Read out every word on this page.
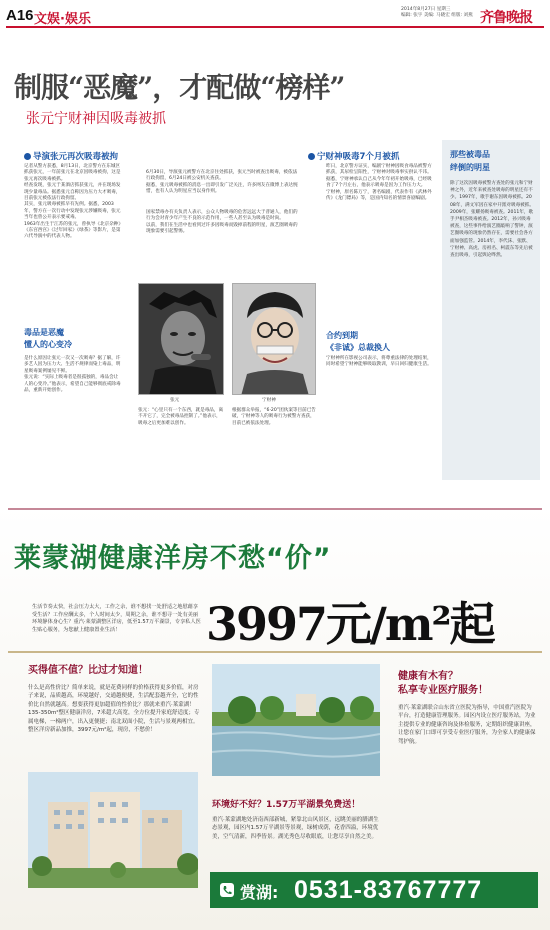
A16 文娱·娱乐
2014年8月27日 星期三
编辑: 张字 美编: 马晓宏 组版: 刘燕 齐鲁晚报
制服“恶魔”，才配做“榜样”
张元宁财神因吸毒被抓
导演张元再次吸毒被拘

记者从警方获悉，8月13日，北京警方在东城区抓获张元，一年前张元在北京因吸毒被拘，这是张元再次吸毒被抓。

经查发现，张元于某酒店抓获张元，并在现场发现少量毒品。据悉张元自称因为压力大才吸毒，目前张元被依法行政拘留。

其实，张元吸毒被抓早有先例。据悉，2003年，警方在一次行动中发现张元涉嫌吸毒，张元当年也曾公开表示要戒毒。

1963年出生于江苏的张元，曾执导《北京杂种》《东宫西宫》《过年回家》《绿茶》等影片，是第六代导演中的代表人物。

毒品是恶魔
懂人的心变冷

是什么原因让张元一次又一次吸毒？据了解，许多艺人因为压力大、生活不规律而染上毒品，明星吸毒案例屡见不鲜。

张元说：“实际上吸毒者是很孤独的，毒品会让人的心变冷。”他表示，希望自己能够彻底戒除毒品，重新开始创作。

6月30日，导演张元被警方在北京住处抓获，张元当时被查出吸毒，被依法行政拘留，6月24日被公安机关查获。

据悉，张元吸毒被抓的消息一出即引发广泛关注，许多网友在微博上表达惋惜，也有人认为明星应当以身作则。

国家禁毒办有关负责人表示，公众人物吸毒的危害远远大于普通人，他们的行为会对青少年产生不良的示范作用，一些人甚至认为吸毒是时尚。

以前，我们在生活中也看到过许多因吸毒而毁掉前程的明星，演艺圈吸毒的现象需要引起警惕。

张元	宁财神

张元：“心里只有一个东西，就是毒品，离不开它了，完全被毒品控制了。”他表示，吸毒之后更加难以创作。

根据群众举报，“6·20”团伙案等目前已告破，宁财神等人的吸毒行为被警方查获，目前已被依法处理。

宁财神吸毒7个月被抓

昨日，北京警方证实，编剧宁财神因吸食毒品被警方抓获，其尿检呈阳性，宁财神对吸毒事实供认不讳。

据悉，宁财神承认自己从今年年初开始吸毒，已经吸食了7个月左右，他表示吸毒是因为工作压力大。

宁财神，原名陈万宁，著名编剧，代表作有《武林外传》《龙门镖局》等，是国内知名的情景喜剧编剧。

合约到期
《非诚》总裁换人

宁财神所在影视公司表示，将尊重法律的处理结果，同时希望宁财神能够吸取教训，早日回归健康生活。

那些被毒品
绊倒的明星
除了这次因吸毒被警方查处的张元和宁财神之外，近年来被查处吸毒的明星还有不少。1997年，歌手谢东因吸毒被抓。2008年，满文军因在家中开派对吸毒被抓。2009年，张耀扬吸毒被查。2011年，歌手尹相杰吸毒被查。2012年，孙兴吸毒被查，这些事件给演艺圈敲响了警钟，演艺圈吸毒的现象仍然存在，需要社会各方面加强监管。2014年，李代沫、张默、宁财神、高虎、房祖名、柯震东等先后被查出吸毒，引起舆论哗然。
莱蒙湖健康洋房不愁“价”
生活节奏太快，社会压力太大，工作之余，谁不想找一处舒适之地慰藉享受生活？工作应酬太多，个人时间太少，周期之余，谁不想寻一处有美丽环境静体身心生？重汽·莱蒙湖整区洋房，低至1.57万平湖景，专享私人医生贴心服务，为您献上健康置业生活！	3997元/m²起
买得值不值？比过才知道！
什么是高性价比？简单来说，就是花费同样的价格获得更多价值，对房子来说，品质越高，环境越好，交通越便捷，生活配套越齐全，它的性价比自然就越高。想要获得更加超值的性价比？那就来重汽·莱蒙湖！135-350m²整区健康洋房，7米超大高宽，全方位提升家庭舒适度；专属电梯，一梯两户，出入更便捷；南北双面小院，生活与景观两相宜。整区洋房新品加推，3997元/m²起，现房，不愁价！
环境好不好？1.57万平湖景免费送！
重汽·莱蒙湖地处济南西部新城，紧靠北山风景区，远眺美丽的腊湖生态景观，园区内1.57万平湖景等景观，绿树成荫，花香四溢，环境优美，空气清新，四季皆景。湖光秀色尽收眼底，让您尽享自然之美。
健康有木有？
私享专业医疗服务！
重汽·莱蒙湖联合山东省立医院为指导，中国重汽医院为平台，打造健康管理服务。园区内设立医疗服务站，为业主提供专业的健康咨询及体检服务，定期组织健康讲座，让您在家门口即可享受专业医疗服务，为全家人的健康保驾护航。
赏湖: 0531-83767777
